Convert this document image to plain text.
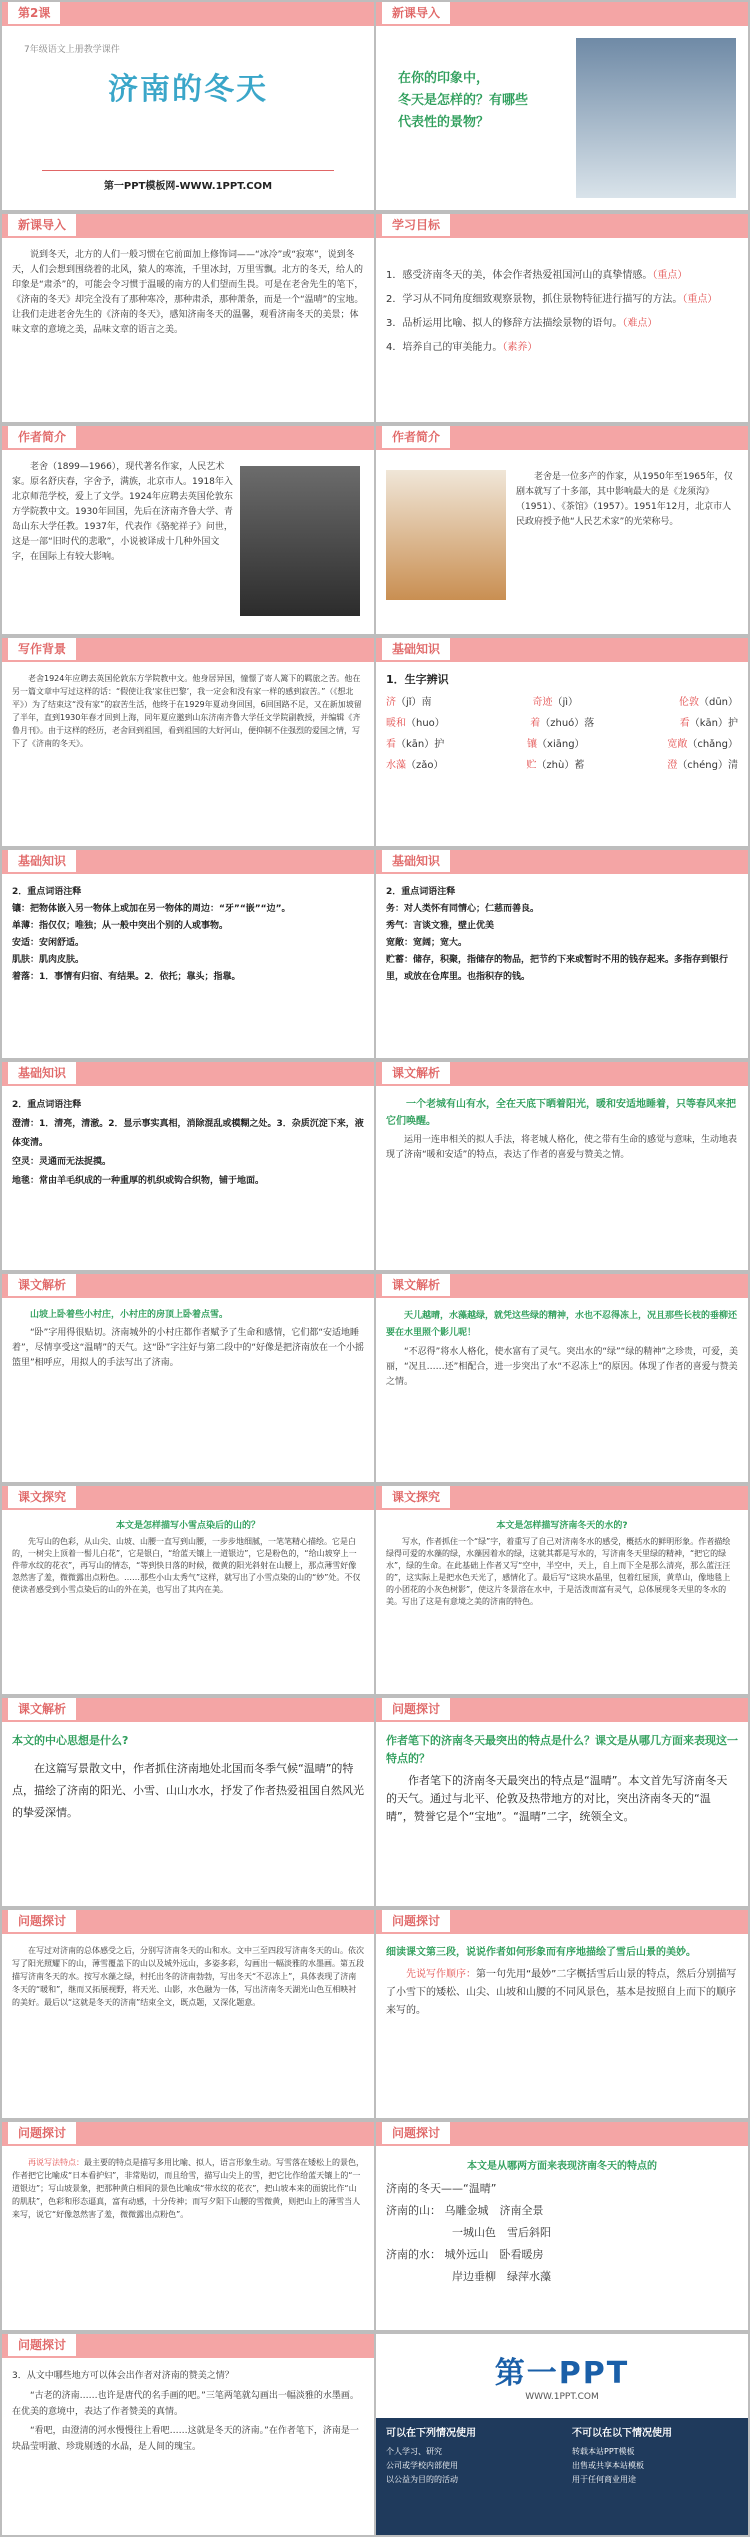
第2课
7年级语文上册教学课件
济南的冬天
第一PPT模板网-WWW.1PPT.COM
新课导入
在你的印象中，
冬天是怎样的？有哪些
代表性的景物？
新课导入

说到冬天，北方的人们一般习惯在它前面加上修饰词——“冰冷”或“寂寒”，说到冬天，人们会想到围绕着的北风，猿人的寒流，千里冰封，万里雪飘。北方的冬天，给人的印象是“肃杀”的，可能会令习惯于温暖的南方的人们望而生畏。可是在老舍先生的笔下，《济南的冬天》却完全没有了那种寒冷，那种肃杀，那种萧条，而是一个“温晴”的宝地。让我们走进老舍先生的《济南的冬天》，感知济南冬天的温馨，观看济南冬天的美景；体味文章的意境之美，品味文章的语言之美。

学习目标
1．感受济南冬天的美，体会作者热爱祖国河山的真挚情感。（重点）
2．学习从不同角度细致观察景物，抓住景物特征进行描写的方法。（重点）
3．品析运用比喻、拟人的修辞方法描绘景物的语句。（难点）
4．培养自己的审美能力。（素养）
作者简介

老舍（1899—1966），现代著名作家，人民艺术家。原名舒庆春，字舍予，满族，北京市人。1918年入北京师范学校，爱上了文学。1924年应聘去英国伦敦东方学院教中文。1930年回国，先后在济南齐鲁大学、青岛山东大学任教。1937年，代表作《骆驼祥子》问世，这是一部“旧时代的悲歌”，小说被译成十几种外国文字，在国际上有较大影响。

作者简介

老舍是一位多产的作家，从1950年至1965年，仅剧本就写了十多部，其中影响最大的是《龙须沟》（1951）、《茶馆》（1957）。1951年12月，北京市人民政府授予他“人民艺术家”的光荣称号。

写作背景

老舍1924年应聘去英国伦敦东方学院教中文。他身居异国，憧憬了寄人篱下的羁旅之苦。他在另一篇文章中写过这样的话：“假使让我‘家住巴黎’，我一定会和没有家一样的感到寂苦。”（《想北平》）为了结束这“没有家”的寂苦生活，他终于在1929年夏动身回国，6回国路不足，又在新加坡留了半年，直到1930年春才回到上海，同年夏应邀到山东济南齐鲁大学任文学院副教授，并编辑《齐鲁月刊》。由于这样的经历，老舍回到祖国，看到祖国的大好河山，便抑制不住强烈的爱国之情，写下了《济南的冬天》。

基础知识
1．生字辨识
济（jǐ）南	奇迹（jì）	伦敦（dūn）
暖和（huo）	着（zhuó）落	看（kān）护
看（kān）护	镶（xiāng）	宽敞（chǎng）
水藻（zǎo）	贮（zhù）蓄	澄（chéng）清
基础知识
2．重点词语注释
镶：把物体嵌入另一物体上或加在另一物体的周边：“牙”“嵌”“边”。
单薄：指仅仅；唯独；从一般中突出个别的人或事物。
安适：安闲舒适。
肌肤：肌肉皮肤。
着落：1．事情有归宿、有结果。2．依托；靠头；指靠。
基础知识
2．重点词语注释
务：对人类怀有同情心；仁慈而善良。
秀气：言谈文雅，壁止优美
宽敞：宽阔；宽大。
贮蓄：储存，积聚，指储存的物品，把节约下来或暂时不用的钱存起来。多指存到银行里，或放在仓库里。也指积存的钱。
基础知识
2．重点词语注释
澄清：1．清亮，清澈。2．显示事实真相，消除混乱或模糊之处。3．杂质沉淀下来，液体变清。
空灵：灵通而无法捉摸。
地毯：常由羊毛织成的一种重厚的机织或钩合织物，铺于地面。
课文解析

一个老城有山有水，全在天底下晒着阳光，暖和安适地睡着，只等春风来把它们唤醒。

运用一连串相关的拟人手法，将老城人格化，使之带有生命的感觉与意味，生动地表现了济南“暖和安适”的特点，表达了作者的喜爱与赞美之情。

课文解析

山坡上卧着些小村庄，小村庄的房顶上卧着点雪。

“卧”字用得很贴切。济南城外的小村庄都作者赋予了生命和感情，它们都“安适地睡着”，尽情享受这“温晴”的天气。这“卧”字注好与第二段中的“好像是把济南放在一个小摇篮里”相呼应，用拟人的手法写出了济南。

课文解析

天儿越晴，水藻越绿，就凭这些绿的精神，水也不忍得冻上，况且那些长枝的垂柳还要在水里照个影儿呢！

“不忍得”将水人格化，使水富有了灵气。突出水的“绿”“绿的精神”之珍贵，可爱，美丽，“况且……还”相配合，进一步突出了水“不忍冻上”的原因。体现了作者的喜爱与赞美之情。

课文探究
本文是怎样描写小雪点染后的山的？

先写山的色彩，从山尖、山坡、山腰一直写到山腰，一步步地细腻，一笔笔精心描绘。它是白的，一树尖上顶着一髻儿白花”，它是银白，“给蓝天镶上一道银边”，它是粉色的，“给山坡穿上一件带水纹的花衣”，再写山的情态，“等到快日落的时候，微黄的阳光斜射在山腰上，那点薄雪好像忽然害了羞，微微露出点粉色。……那些小山太秀气”这样，就写出了小雪点染的山的“妙”处。不仅使读者感受到小雪点染后的山的外在美，也写出了其内在美。

课文探究
本文是怎样描写济南冬天的水的?

写水，作者抓住一个“绿”字，着重写了自己对济南冬水的感受，概括水的鲜明形象。作者描绘绿得可爱的水藻的绿，水藻因着水的绿，这就其都是写水的，写济南冬天里绿的精神，“把它的绿水”，绿的生命。在此基础上作者又写“空中，半空中，天上，自上而下全是那么清亮，那么蓝汪汪的”，这实际上是把水色天光了，感情化了。最后写“这块水晶里，包着红屋顶，黄草山，像地毯上的小团花的小灰色树影”，使这片冬景溶在水中，于是活泼而富有灵气，总体展现冬天里的冬水的美。写出了这是有意境之美的济南的特色。

课文解析
本文的中心思想是什么?

在这篇写景散文中，作者抓住济南地处北国而冬季气候“温晴”的特点，描绘了济南的阳光、小雪、山山水水，抒发了作者热爱祖国自然风光的挚爱深情。

问题探讨
作者笔下的济南冬天最突出的特点是什么？课文是从哪几方面来表现这一特点的？

作者笔下的济南冬天最突出的特点是“温晴”。本文首先写济南冬天的天气。通过与北平、伦敦及热带地方的对比，突出济南冬天的“温晴”，赞誉它是个“宝地”。“温晴”二字，统领全文。

问题探讨

在写过对济南的总体感受之后，分别写济南冬天的山和水。文中三至四段写济南冬天的山。依次写了阳光照耀下的山，薄雪覆盖下的山以及城外远山，多姿多彩，勾画出一幅淡雅的水墨画。第五段描写济南冬天的水。按写水藻之绿，村托出冬的济南勃勃，写出冬天“不忍冻上”，具体表现了济南冬天的“暖和”，继而又拓展视野，将天光、山影，水色融为一体，写出济南冬天湖光山色互相映衬的美好。最后以“这就是冬天的济南”结束全文，既点题，又深化题意。

问题探讨
细读课文第三段，说说作者如何形象而有序地描绘了雪后山景的美妙。

先说写作顺序：第一句先用“最妙”二字概括雪后山景的特点，然后分别描写了小雪下的矮松、山尖、山坡和山腰的不同风景色，基本是按照自上而下的顺序来写的。

问题探讨

再说写法特点：最主要的特点是描写多用比喻、拟人，语言形象生动。写雪落在矮松上的景色，作者把它比喻成“日本看护妇”，非常贴切，而且给雪，描写山尖上的雪，把它比作给蓝天镶上的“一道银边”；写山坡景象，把那种黄白相间的景色比喻成“带水纹的花衣”，把山坡本来的面貌比作“山的肌肤”，色彩和形态逼真，富有动感，十分传神；而写夕阳下山腰的雪微黄，则把山上的薄雪当人来写，说它“好像忽然害了羞，微微露出点粉色”。

问题探讨
本文是从哪两方面来表现济南冬天的特点的
济南的冬天——“温晴”
济南的山： 乌雕金城　济南全景
　　　　　　一城山色　雪后斜阳
济南的水： 城外远山　卧看暖房
　　　　　　岸边垂柳　绿萍水藻
问题探讨
3．从文中哪些地方可以体会出作者对济南的赞美之情？

“古老的济南……也许是唐代的名手画的吧。”三笔两笔就勾画出一幅淡雅的水墨画。在优美的意境中，表达了作者赞美的真情。

“看吧，由澄清的河水慢慢往上看吧……这就是冬天的济南。”在作者笔下，济南是一块晶莹明澈、珍珑剔透的水晶，是人间的瑰宝。

第一PPT
WWW.1PPT.COM
可以在下列情况使用
个人学习、研究
公司或学校内部使用
以公益为目的的活动
不可以在以下情况使用
转载本站PPT模板
出售或共享本站模板
用于任何商业用途
